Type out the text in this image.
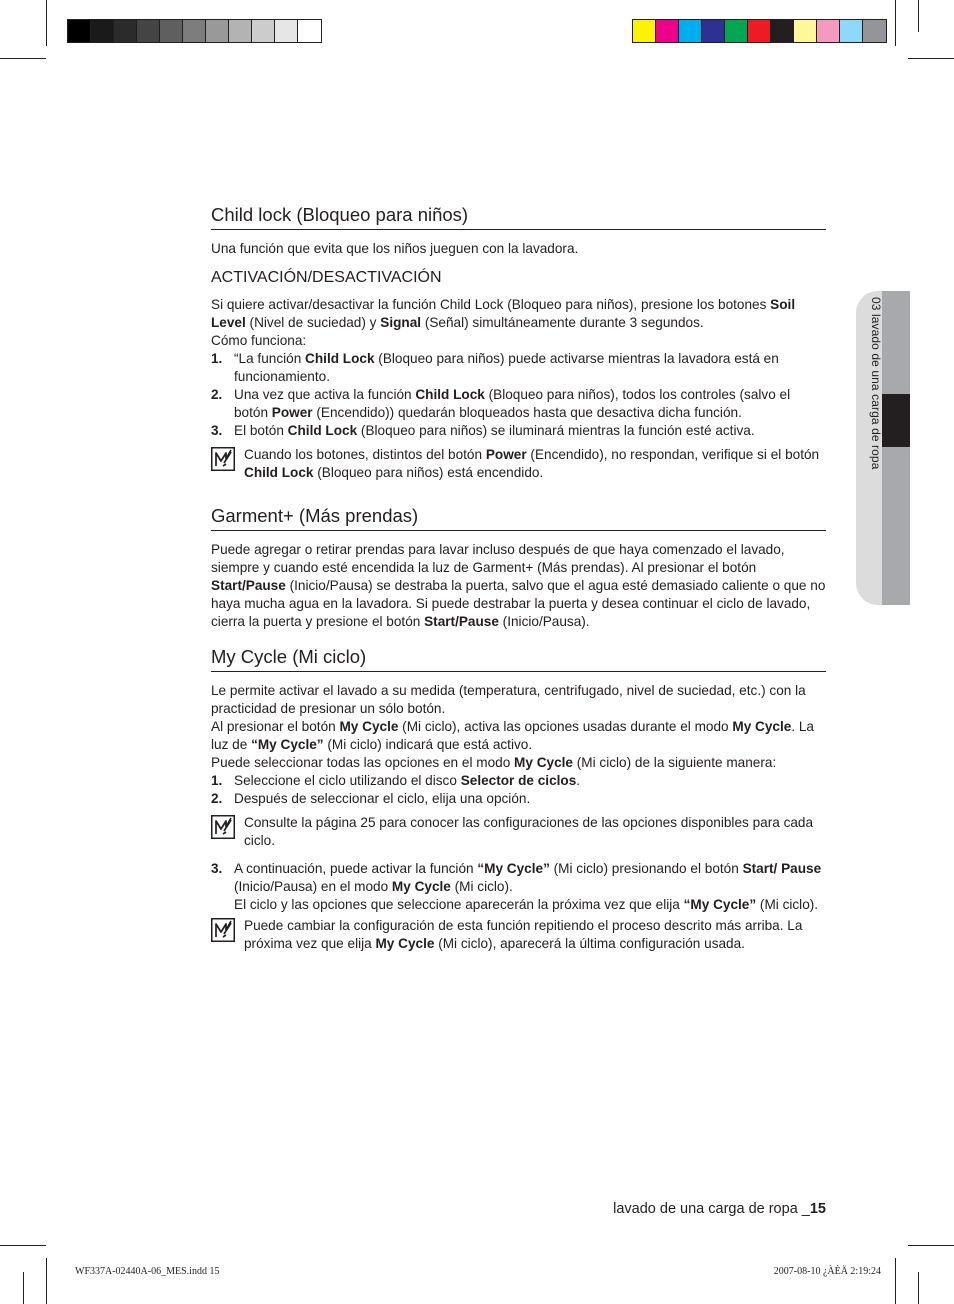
03 lavado de una carga de ropa
Child lock (Bloqueo para niños)

Una función que evita que los niños jueguen con la lavadora.

ACTIVACIÓN/DESACTIVACIÓN

Si quiere activar/desactivar la función Child Lock (Bloqueo para niños), presione los botones Soil Level (Nivel de suciedad) y Signal (Señal) simultáneamente durante 3 segundos.

Cómo funciona:

1. “La función Child Lock (Bloqueo para niños) puede activarse mientras la lavadora está en funcionamiento.
2. Una vez que activa la función Child Lock (Bloqueo para niños), todos los controles (salvo el botón Power (Encendido)) quedarán bloqueados hasta que desactiva dicha función.
3. El botón Child Lock (Bloqueo para niños) se iluminará mientras la función esté activa.
Cuando los botones, distintos del botón Power (Encendido), no respondan, verifique si el botón Child Lock (Bloqueo para niños) está encendido.
Garment+ (Más prendas)

Puede agregar o retirar prendas para lavar incluso después de que haya comenzado el lavado, siempre y cuando esté encendida la luz de Garment+ (Más prendas). Al presionar el botón Start/Pause (Inicio/Pausa) se destraba la puerta, salvo que el agua esté demasiado caliente o que no haya mucha agua en la lavadora. Si puede destrabar la puerta y desea continuar el ciclo de lavado, cierra la puerta y presione el botón Start/Pause (Inicio/Pausa).

My Cycle (Mi ciclo)

Le permite activar el lavado a su medida (temperatura, centrifugado, nivel de suciedad, etc.) con la practicidad de presionar un sólo botón.

Al presionar el botón My Cycle (Mi ciclo), activa las opciones usadas durante el modo My Cycle. La luz de “My Cycle” (Mi ciclo) indicará que está activo.

Puede seleccionar todas las opciones en el modo My Cycle (Mi ciclo) de la siguiente manera:

1. Seleccione el ciclo utilizando el disco Selector de ciclos.
2. Después de seleccionar el ciclo, elija una opción.
Consulte la página 25 para conocer las configuraciones de las opciones disponibles para cada ciclo.
3. A continuación, puede activar la función “My Cycle” (Mi ciclo) presionando el botón Start/ Pause (Inicio/Pausa) en el modo My Cycle (Mi ciclo).
El ciclo y las opciones que seleccione aparecerán la próxima vez que elija “My Cycle” (Mi ciclo).
Puede cambiar la configuración de esta función repitiendo el proceso descrito más arriba. La próxima vez que elija My Cycle (Mi ciclo), aparecerá la última configuración usada.
lavado de una carga de ropa _15
WF337A-02440A-06_MES.indd 15	2007-08-10 ¿ÀÈÄ 2:19:24
